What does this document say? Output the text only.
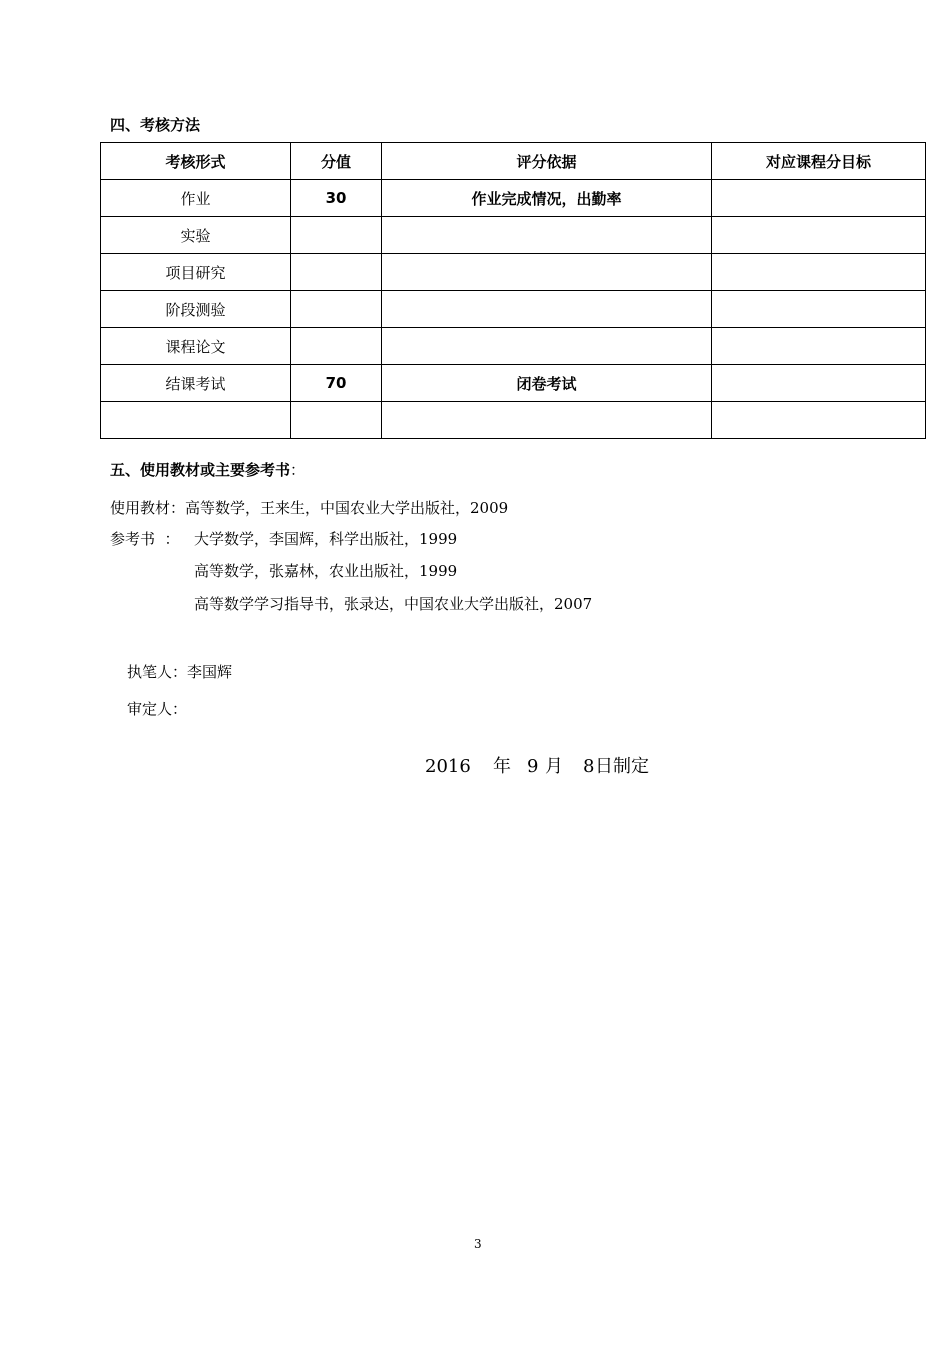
四、考核方法
考核形式	分值	评分依据	对应课程分目标
作业	30	作业完成情况，出勤率	
实验			
项目研究			
阶段测验			
课程论文			
结课考试	70	闭卷考试	

五、使用教材或主要参考书：
使用教材：高等数学，王来生，中国农业大学出版社，2009
参考书  ： 大学数学，李国辉，科学出版社，1999
高等数学，张嘉林，农业出版社，1999
高等数学学习指导书，张录达，中国农业大学出版社，2007
执笔人：李国辉
审定人：
2016 年 9 月 8日制定
3
